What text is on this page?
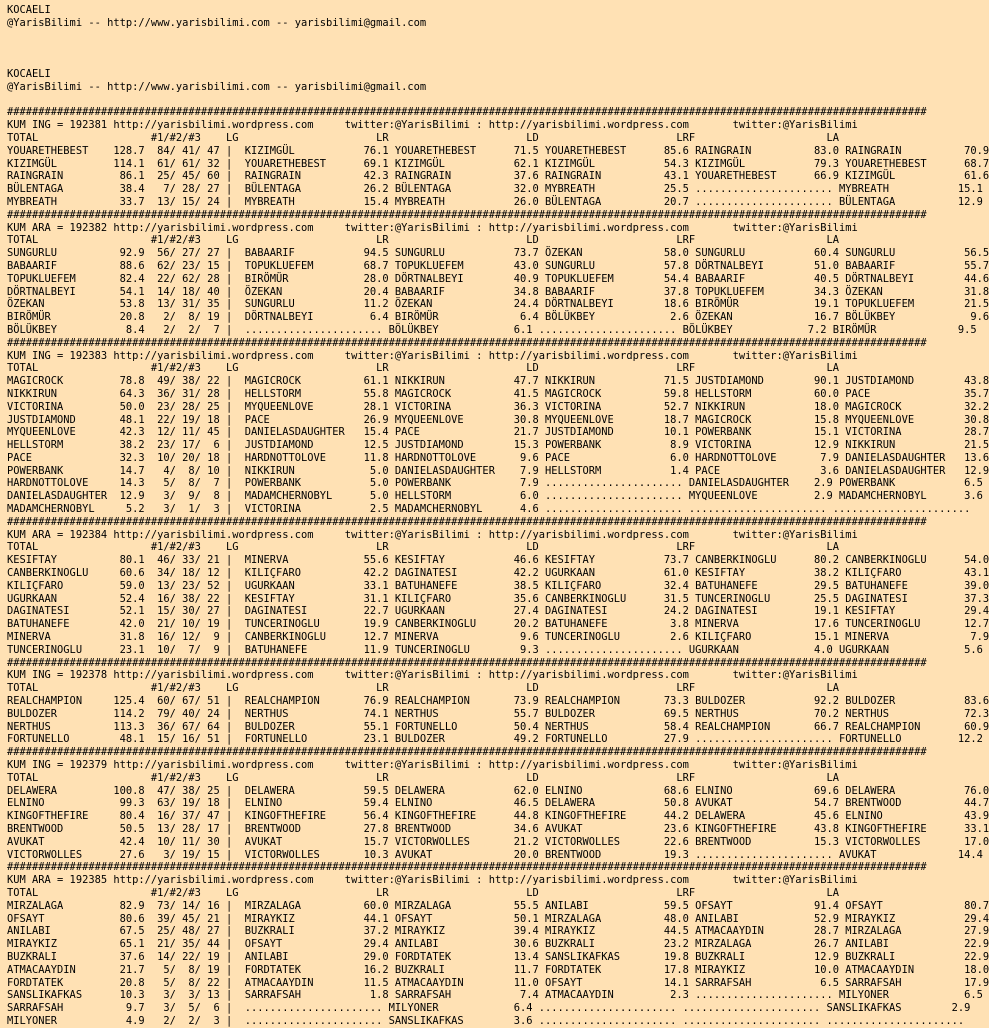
KOCAELI
@YarisBilimi -- http://www.yarisbilimi.com -- yarisbilimi@gmail.com

KOCAELI
@YarisBilimi -- http://www.yarisbilimi.com -- yarisbilimi@gmail.com

###################################################################################################################################################
KUM ING = 192381 http://yarisbilimi.wordpress.com     twitter:@YarisBilimi : http://yarisbilimi.wordpress.com       twitter:@YarisBilimi
TOTAL                  #1/#2/#3    LG                      LR                      LD                      LRF                     LA
YOUARETHEBEST    128.7  84/ 41/ 47 |  KIZIMGÜL           76.1 YOUARETHEBEST      71.5 YOUARETHEBEST      85.6 RAINGRAIN          83.0 RAINGRAIN          70.9
KIZIMGÜL         114.1  61/ 61/ 32 |  YOUARETHEBEST      69.1 KIZIMGÜL           62.1 KIZIMGÜL           54.3 KIZIMGÜL           79.3 YOUARETHEBEST      68.7
RAINGRAIN         86.1  25/ 45/ 60 |  RAINGRAIN          42.3 RAINGRAIN          37.6 RAINGRAIN          43.1 YOUARETHEBEST      66.9 KIZIMGÜL           61.6
BÜLENTAGA         38.4   7/ 28/ 27 |  BÜLENTAGA          26.2 BÜLENTAGA          32.0 MYBREATH           25.5 ...................... MYBREATH           15.1
MYBREATH          33.7  13/ 15/ 24 |  MYBREATH           15.4 MYBREATH           26.0 BÜLENTAGA          20.7 ...................... BÜLENTAGA          12.9
###################################################################################################################################################
KUM ARA = 192382 http://yarisbilimi.wordpress.com     twitter:@YarisBilimi : http://yarisbilimi.wordpress.com       twitter:@YarisBilimi
TOTAL                  #1/#2/#3    LG                      LR                      LD                      LRF                     LA
SUNGURLU          92.9  56/ 27/ 27 |  BABAARIF           94.5 SUNGURLU           73.7 ÖZEKAN             58.0 SUNGURLU           60.4 SUNGURLU           56.5
BABAARIF          88.6  62/ 23/ 15 |  TOPUKLUEFEM        68.7 TOPUKLUEFEM        43.0 SUNGURLU           57.8 DÖRTNALBEYI        51.0 BABAARIF           55.7
TOPUKLUEFEM       82.4  22/ 62/ 28 |  BIRÖMÜR            28.0 DÖRTNALBEYI        40.9 TOPUKLUEFEM        54.4 BABAARIF           40.5 DÖRTNALBEYI        44.6
DÖRTNALBEYI       54.1  14/ 18/ 40 |  ÖZEKAN             20.4 BABAARIF           34.8 BABAARIF           37.8 TOPUKLUEFEM        34.3 ÖZEKAN             31.8
ÖZEKAN            53.8  13/ 31/ 35 |  SUNGURLU           11.2 ÖZEKAN             24.4 DÖRTNALBEYI        18.6 BIRÖMÜR            19.1 TOPUKLUEFEM        21.5
BIRÖMÜR           20.8   2/  8/ 19 |  DÖRTNALBEYI         6.4 BIRÖMÜR             6.4 BÖLÜKBEY            2.6 ÖZEKAN             16.7 BÖLÜKBEY            9.6
BÖLÜKBEY           8.4   2/  2/  7 |  ...................... BÖLÜKBEY            6.1 ...................... BÖLÜKBEY            7.2 BIRÖMÜR             9.5
###################################################################################################################################################
KUM ING = 192383 http://yarisbilimi.wordpress.com     twitter:@YarisBilimi : http://yarisbilimi.wordpress.com       twitter:@YarisBilimi
TOTAL                  #1/#2/#3    LG                      LR                      LD                      LRF                     LA
MAGICROCK         78.8  49/ 38/ 22 |  MAGICROCK          61.1 NIKKIRUN           47.7 NIKKIRUN           71.5 JUSTDIAMOND        90.1 JUSTDIAMOND        43.8
NIKKIRUN          64.3  36/ 31/ 28 |  HELLSTORM          55.8 MAGICROCK          41.5 MAGICROCK          59.8 HELLSTORM          60.0 PACE               35.7
VICTORINA         50.0  23/ 28/ 25 |  MYQUEENLOVE        28.1 VICTORINA          36.3 VICTORINA          52.7 NIKKIRUN           18.0 MAGICROCK          32.2
JUSTDIAMOND       48.1  22/ 19/ 18 |  PACE               26.9 MYQUEENLOVE        30.8 MYQUEENLOVE        18.7 MAGICROCK          15.8 MYQUEENLOVE        30.8
MYQUEENLOVE       42.3  12/ 11/ 45 |  DANIELASDAUGHTER   15.4 PACE               21.7 JUSTDIAMOND        10.1 POWERBANK          15.1 VICTORINA          28.7
HELLSTORM         38.2  23/ 17/  6 |  JUSTDIAMOND        12.5 JUSTDIAMOND        15.3 POWERBANK           8.9 VICTORINA          12.9 NIKKIRUN           21.5
PACE              32.3  10/ 20/ 18 |  HARDNOTTOLOVE      11.8 HARDNOTTOLOVE       9.6 PACE                6.0 HARDNOTTOLOVE       7.9 DANIELASDAUGHTER   13.6
POWERBANK         14.7   4/  8/ 10 |  NIKKIRUN            5.0 DANIELASDAUGHTER    7.9 HELLSTORM           1.4 PACE                3.6 DANIELASDAUGHTER   12.9
HARDNOTTOLOVE     14.3   5/  8/  7 |  POWERBANK           5.0 POWERBANK           7.9 ...................... DANIELASDAUGHTER    2.9 POWERBANK           6.5
DANIELASDAUGHTER  12.9   3/  9/  8 |  MADAMCHERNOBYL      5.0 HELLSTORM           6.0 ...................... MYQUEENLOVE         2.9 MADAMCHERNOBYL      3.6
MADAMCHERNOBYL     5.2   3/  1/  3 |  VICTORINA           2.5 MADAMCHERNOBYL      4.6 ...................... ...................... ......................
###################################################################################################################################################
KUM ARA = 192384 http://yarisbilimi.wordpress.com     twitter:@YarisBilimi : http://yarisbilimi.wordpress.com       twitter:@YarisBilimi
TOTAL                  #1/#2/#3    LG                      LR                      LD                      LRF                     LA
KESIFTAY          80.1  46/ 33/ 21 |  MINERVA            55.6 KESIFTAY           46.6 KESIFTAY           73.7 CANBERKINOGLU      80.2 CANBERKINOGLU      54.0
CANBERKINOGLU     60.6  34/ 18/ 12 |  KILIÇFARO          42.2 DAGINATESI         42.2 UGURKAAN           61.0 KESIFTAY           38.2 KILIÇFARO          43.1
KILIÇFARO         59.0  13/ 23/ 52 |  UGURKAAN           33.1 BATUHANEFE         38.5 KILIÇFARO          32.4 BATUHANEFE         29.5 BATUHANEFE         39.0
UGURKAAN          52.4  16/ 38/ 22 |  KESIFTAY           31.1 KILIÇFARO          35.6 CANBERKINOGLU      31.5 TUNCERINOGLU       25.5 DAGINATESI         37.3
DAGINATESI        52.1  15/ 30/ 27 |  DAGINATESI         22.7 UGURKAAN           27.4 DAGINATESI         24.2 DAGINATESI         19.1 KESIFTAY           29.4
BATUHANEFE        42.0  21/ 10/ 19 |  TUNCERINOGLU       19.9 CANBERKINOGLU      20.2 BATUHANEFE          3.8 MINERVA            17.6 TUNCERINOGLU       12.7
MINERVA           31.8  16/ 12/  9 |  CANBERKINOGLU      12.7 MINERVA             9.6 TUNCERINOGLU        2.6 KILIÇFARO          15.1 MINERVA             7.9
TUNCERINOGLU      23.1  10/  7/  9 |  BATUHANEFE         11.9 TUNCERINOGLU        9.3 ...................... UGURKAAN            4.0 UGURKAAN            5.6
###################################################################################################################################################
KUM ING = 192378 http://yarisbilimi.wordpress.com     twitter:@YarisBilimi : http://yarisbilimi.wordpress.com       twitter:@YarisBilimi
TOTAL                  #1/#2/#3    LG                      LR                      LD                      LRF                     LA
REALCHAMPION     125.4  60/ 67/ 51 |  REALCHAMPION       76.9 REALCHAMPION       73.9 REALCHAMPION       73.3 BULDOZER           92.2 BULDOZER           83.6
BULDOZER         114.2  79/ 40/ 24 |  NERTHUS            74.1 NERTHUS            55.7 BULDOZER           69.5 NERTHUS            70.2 NERTHUS            72.3
NERTHUS          113.3  36/ 67/ 64 |  BULDOZER           55.1 FORTUNELLO         50.4 NERTHUS            58.4 REALCHAMPION       66.7 REALCHAMPION       60.9
FORTUNELLO        48.1  15/ 16/ 51 |  FORTUNELLO         23.1 BULDOZER           49.2 FORTUNELLO         27.9 ...................... FORTUNELLO         12.2
###################################################################################################################################################
KUM ING = 192379 http://yarisbilimi.wordpress.com     twitter:@YarisBilimi : http://yarisbilimi.wordpress.com       twitter:@YarisBilimi
TOTAL                  #1/#2/#3    LG                      LR                      LD                      LRF                     LA
DELAWERA         100.8  47/ 38/ 25 |  DELAWERA           59.5 DELAWERA           62.0 ELNINO             68.6 ELNINO             69.6 DELAWERA           76.0
ELNINO            99.3  63/ 19/ 18 |  ELNINO             59.4 ELNINO             46.5 DELAWERA           50.8 AVUKAT             54.7 BRENTWOOD          44.7
KINGOFTHEFIRE     80.4  16/ 37/ 47 |  KINGOFTHEFIRE      56.4 KINGOFTHEFIRE      44.8 KINGOFTHEFIRE      44.2 DELAWERA           45.6 ELNINO             43.9
BRENTWOOD         50.5  13/ 28/ 17 |  BRENTWOOD          27.8 BRENTWOOD          34.6 AVUKAT             23.6 KINGOFTHEFIRE      43.8 KINGOFTHEFIRE      33.1
AVUKAT            42.4  10/ 11/ 30 |  AVUKAT             15.7 VICTORWOLLES       21.2 VICTORWOLLES       22.6 BRENTWOOD          15.3 VICTORWOLLES       17.0
VICTORWOLLES      27.6   3/ 19/ 15 |  VICTORWOLLES       10.3 AVUKAT             20.0 BRENTWOOD          19.3 ...................... AVUKAT             14.4
###################################################################################################################################################
KUM ARA = 192385 http://yarisbilimi.wordpress.com     twitter:@YarisBilimi : http://yarisbilimi.wordpress.com       twitter:@YarisBilimi
TOTAL                  #1/#2/#3    LG                      LR                      LD                      LRF                     LA
MIRZALAGA         82.9  73/ 14/ 16 |  MIRZALAGA          60.0 MIRZALAGA          55.5 ANILABI            59.5 OFSAYT             91.4 OFSAYT             80.7
OFSAYT            80.6  39/ 45/ 21 |  MIRAYKIZ           44.1 OFSAYT             50.1 MIRZALAGA          48.0 ANILABI            52.9 MIRAYKIZ           29.4
ANILABI           67.5  25/ 48/ 27 |  BUZKRALI           37.2 MIRAYKIZ           39.4 MIRAYKIZ           44.5 ATMACAAYDIN        28.7 MIRZALAGA          27.9
MIRAYKIZ          65.1  21/ 35/ 44 |  OFSAYT             29.4 ANILABI            30.6 BUZKRALI           23.2 MIRZALAGA          26.7 ANILABI            22.9
BUZKRALI          37.6  14/ 22/ 19 |  ANILABI            29.0 FORDTATEK          13.4 SANSLIKAFKAS       19.8 BUZKRALI           12.9 BUZKRALI           22.9
ATMACAAYDIN       21.7   5/  8/ 19 |  FORDTATEK          16.2 BUZKRALI           11.7 FORDTATEK          17.8 MIRAYKIZ           10.0 ATMACAAYDIN        18.0
FORDTATEK         20.8   5/  8/ 22 |  ATMACAAYDIN        11.5 ATMACAAYDIN        11.0 OFSAYT             14.1 SARRAFSAH           6.5 SARRAFSAH          17.9
SANSLIKAFKAS      10.3   3/  3/ 13 |  SARRAFSAH           1.8 SARRAFSAH           7.4 ATMACAAYDIN         2.3 ...................... MILYONER            6.5
SARRAFSAH          9.7   3/  5/  6 |  ...................... MILYONER            6.4 ...................... ...................... SANSLIKAFKAS        2.9
MILYONER           4.9   2/  2/  3 |  ...................... SANSLIKAFKAS        3.6 ...................... ...................... ......................
